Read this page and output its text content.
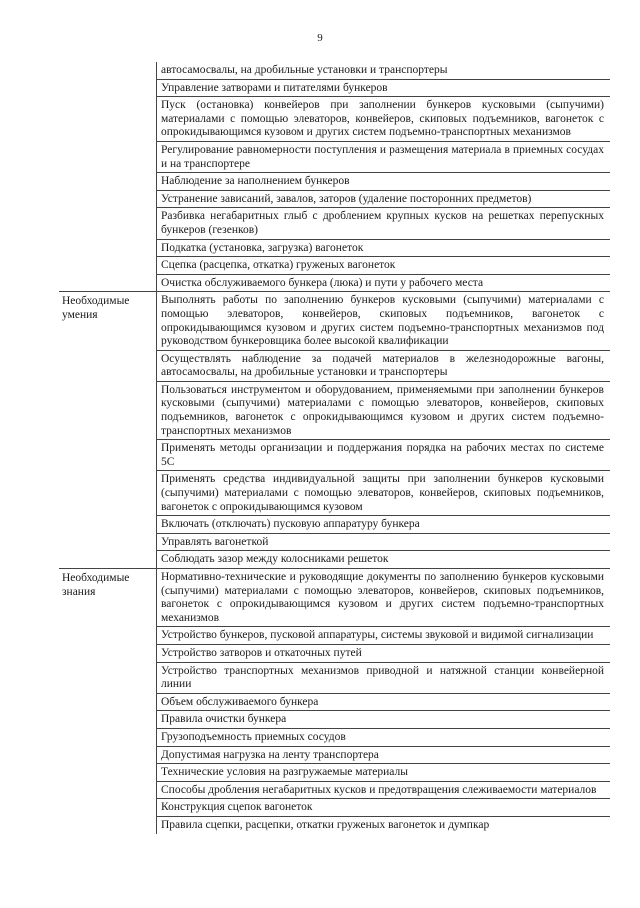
9
автосамосвалы, на дробильные установки и транспортеры
Управление затворами и питателями бункеров
Пуск (остановка) конвейеров при заполнении бункеров кусковыми (сыпучими) материалами с помощью элеваторов, конвейеров, скиповых подъемников, вагонеток с опрокидывающимся кузовом и других систем подъемно-транспортных механизмов
Регулирование равномерности поступления и размещения материала в приемных сосудах и на транспортере
Наблюдение за наполнением бункеров
Устранение зависаний, завалов, заторов (удаление посторонних предметов)
Разбивка негабаритных глыб с дроблением крупных кусков на решетках перепускных бункеров (гезенков)
Подкатка (установка, загрузка) вагонеток
Сцепка (расцепка, откатка) груженых вагонеток
Очистка обслуживаемого бункера (люка) и пути у рабочего места
Необходимые умения
Выполнять работы по заполнению бункеров кусковыми (сыпучими) материалами с помощью элеваторов, конвейеров, скиповых подъемников, вагонеток с опрокидывающимся кузовом и других систем подъемно-транспортных механизмов под руководством бункеровщика более высокой квалификации
Осуществлять наблюдение за подачей материалов в железнодорожные вагоны, автосамосвалы, на дробильные установки и транспортеры
Пользоваться инструментом и оборудованием, применяемыми при заполнении бункеров кусковыми (сыпучими) материалами с помощью элеваторов, конвейеров, скиповых подъемников, вагонеток с опрокидывающимся кузовом и других систем подъемно-транспортных механизмов
Применять методы организации и поддержания порядка на рабочих местах по системе 5С
Применять средства индивидуальной защиты при заполнении бункеров кусковыми (сыпучими) материалами с помощью элеваторов, конвейеров, скиповых подъемников, вагонеток с опрокидывающимся кузовом
Включать (отключать) пусковую аппаратуру бункера
Управлять вагонеткой
Соблюдать зазор между колосниками решеток
Необходимые знания
Нормативно-технические и руководящие документы по заполнению бункеров кусковыми (сыпучими) материалами с помощью элеваторов, конвейеров, скиповых подъемников, вагонеток с опрокидывающимся кузовом и других систем подъемно-транспортных механизмов
Устройство бункеров, пусковой аппаратуры, системы звуковой и видимой сигнализации
Устройство затворов и откаточных путей
Устройство транспортных механизмов приводной и натяжной станции конвейерной линии
Объем обслуживаемого бункера
Правила очистки бункера
Грузоподъемность приемных сосудов
Допустимая нагрузка на ленту транспортера
Технические условия на разгружаемые материалы
Способы дробления негабаритных кусков и предотвращения слеживаемости материалов
Конструкция сцепок вагонеток
Правила сцепки, расцепки, откатки груженых вагонеток и думпкар
